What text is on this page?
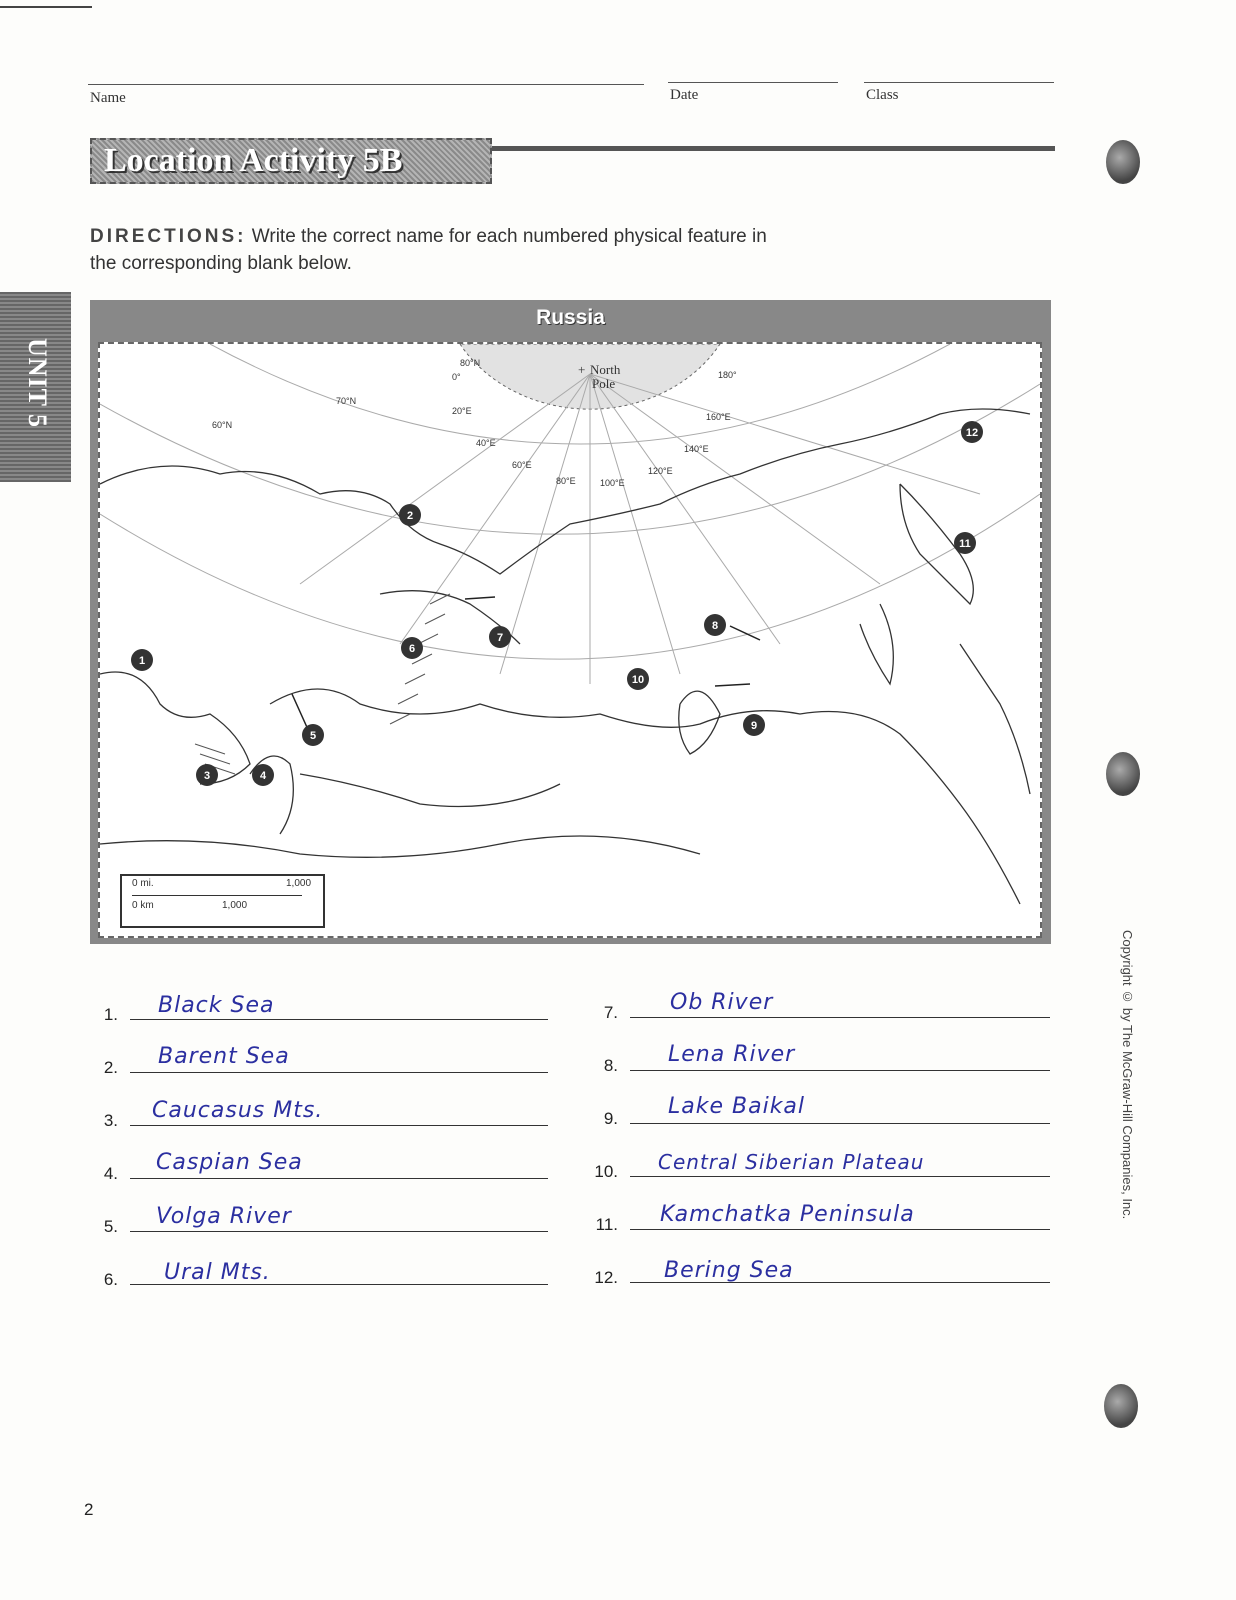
Name	Date	Class
Location Activity 5B
UNIT 5
DIRECTIONS: Write the correct name for each numbered physical feature in the corresponding blank below.
Russia
0°
20°E
40°E
60°E
80°E	100°E
120°E
140°E
160°E
180°
60°N
70°N
80°N	+ North
Pole
1
2
3	4
5
6
7
8
9
10
11
12
0 mi.	1,000
0 km	1,000
1. Black Sea
2. Barent Sea
3. Caucasus Mts.
4. Caspian Sea
5. Volga River
6. Ural Mts.
7. Ob River
8. Lena River
9. Lake Baikal
10. Central Siberian Plateau
11. Kamchatka Peninsula
12. Bering Sea
Copyright © by The McGraw-Hill Companies, Inc.
2
